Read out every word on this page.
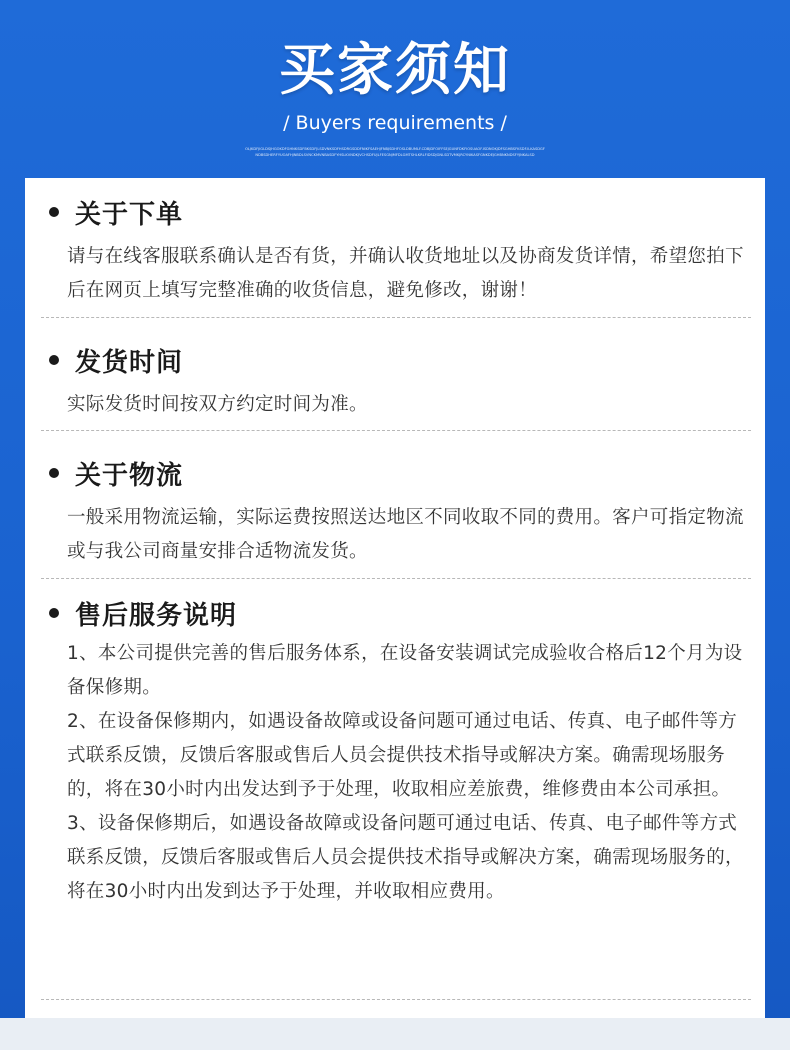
买家须知
/ Buyers requirements /
OLJKDFJIGLDSJHGOKDFGHNKSDFBKSDFJLSDVNKSDFHSDRGSDDFNIKFSAEHJFNBJSDHFOSLDBUMLF.CDBJDFOIFFSEJGUNFDKFIOSUAOF.ISDNOKJDFSGHBSFKSDF.ILKASDGFNDBSDHERFYUOAFHJNBDLSVNCKMVNBASDFYHSLKVNDKJVCHSDFUJLFESGNJMFDLGMTSHLKRLFIDSDJGNLSDTVMKJRCYNIKASFGNKDEJGHBNKNDSFYJNKALSD
关于下单

请与在线客服联系确认是否有货，并确认收货地址以及协商发货详情，希望您拍下后在网页上填写完整准确的收货信息，避免修改，谢谢！

发货时间

实际发货时间按双方约定时间为准。

关于物流

一般采用物流运输，实际运费按照送达地区不同收取不同的费用。客户可指定物流或与我公司商量安排合适物流发货。

售后服务说明

1、本公司提供完善的售后服务体系，在设备安装调试完成验收合格后12个月为设备保修期。

2、在设备保修期内，如遇设备故障或设备问题可通过电话、传真、电子邮件等方式联系反馈，反馈后客服或售后人员会提供技术指导或解决方案。确需现场服务的，将在30小时内出发达到予于处理，收取相应差旅费，维修费由本公司承担。

3、设备保修期后，如遇设备故障或设备问题可通过电话、传真、电子邮件等方式联系反馈，反馈后客服或售后人员会提供技术指导或解决方案，确需现场服务的，将在30小时内出发到达予于处理，并收取相应费用。
